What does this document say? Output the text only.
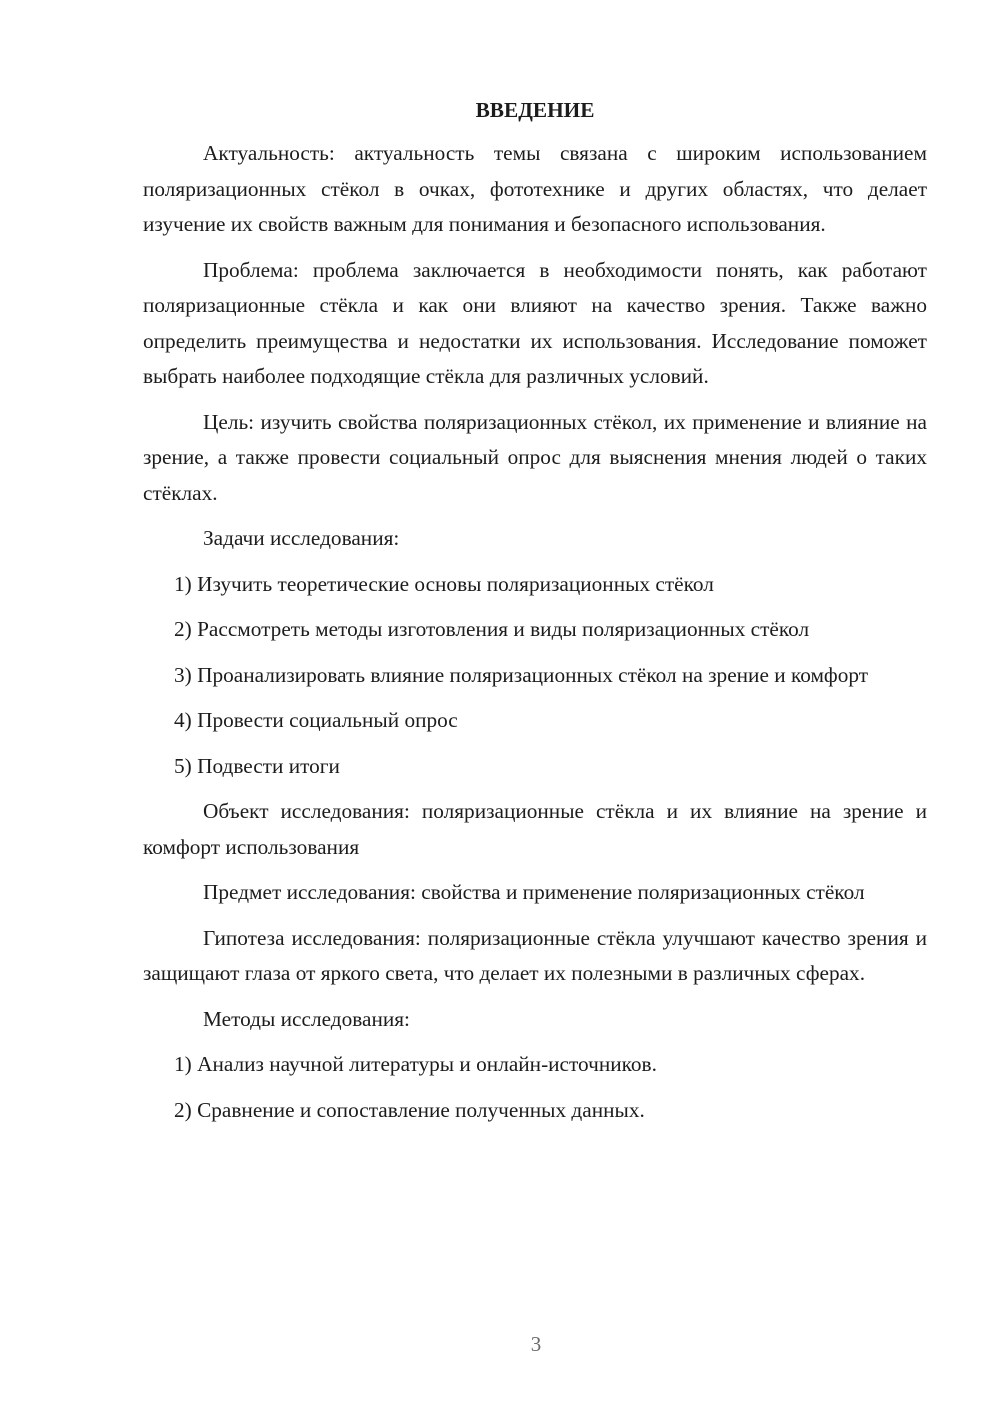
ВВЕДЕНИЕ

Актуальность: актуальность темы связана с широким использованием поляризационных стёкол в очках, фототехнике и других областях, что делает изучение их свойств важным для понимания и безопасного использования.

Проблема: проблема заключается в необходимости понять, как работают поляризационные стёкла и как они влияют на качество зрения. Также важно определить преимущества и недостатки их использования. Исследование поможет выбрать наиболее подходящие стёкла для различных условий.

Цель: изучить свойства поляризационных стёкол, их применение и влияние на зрение, а также провести социальный опрос для выяснения мнения людей о таких стёклах.

Задачи исследования:

1) Изучить теоретические основы поляризационных стёкол

2) Рассмотреть методы изготовления и виды поляризационных стёкол

3) Проанализировать влияние поляризационных стёкол на зрение и комфорт

4) Провести социальный опрос

5) Подвести итоги

Объект исследования: поляризационные стёкла и их влияние на зрение и комфорт использования

Предмет исследования: свойства и применение поляризационных стёкол

Гипотеза исследования: поляризационные стёкла улучшают качество зрения и защищают глаза от яркого света, что делает их полезными в различных сферах.

Методы исследования:

1) Анализ научной литературы и онлайн-источников.

2) Сравнение и сопоставление полученных данных.

3
